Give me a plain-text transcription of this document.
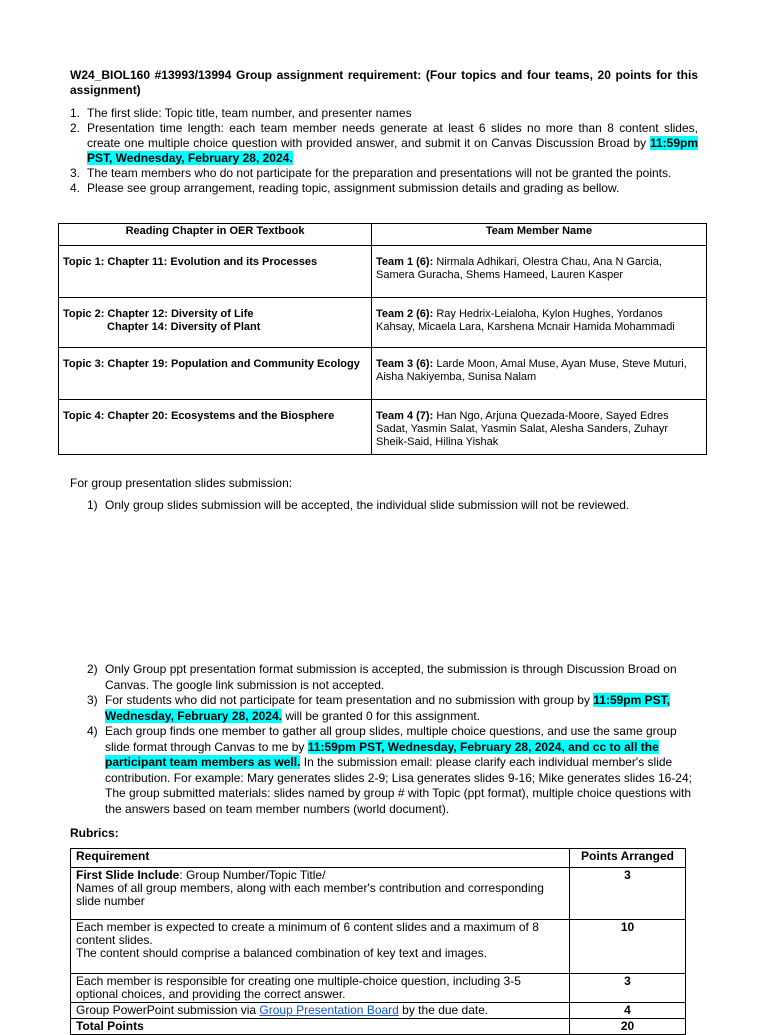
W24_BIOL160 #13993/13994 Group assignment requirement: (Four topics and four teams, 20 points for this assignment)
1. The first slide: Topic title, team number, and presenter names
2. Presentation time length: each team member needs generate at least 6 slides no more than 8 content slides, create one multiple choice question with provided answer, and submit it on Canvas Discussion Broad by 11:59pm PST, Wednesday, February 28, 2024.
3. The team members who do not participate for the preparation and presentations will not be granted the points.
4. Please see group arrangement, reading topic, assignment submission details and grading as bellow.
Reading Chapter in OER Textbook	Team Member Name
Topic 1: Chapter 11: Evolution and its Processes	Team 1 (6): Nirmala Adhikari, Olestra Chau, Ana N Garcia, Samera Guracha, Shems Hameed, Lauren Kasper
Topic 2: Chapter 12: Diversity of Life
Chapter 14: Diversity of Plant	Team 2 (6): Ray Hedrix-Leialoha, Kylon Hughes, Yordanos Kahsay, Micaela Lara, Karshena Mcnair Hamida Mohammadi
Topic 3: Chapter 19: Population and Community Ecology	Team 3 (6): Larde Moon, Amal Muse, Ayan Muse, Steve Muturi, Aisha Nakiyemba, Sunisa Nalam
Topic 4: Chapter 20: Ecosystems and the Biosphere	Team 4 (7): Han Ngo, Arjuna Quezada-Moore, Sayed Edres Sadat, Yasmin Salat, Yasmin Salat, Alesha Sanders, Zuhayr Sheik-Said, Hilina Yishak
For group presentation slides submission:
1) Only group slides submission will be accepted, the individual slide submission will not be reviewed.
2) Only Group ppt presentation format submission is accepted, the submission is through Discussion Broad on Canvas. The google link submission is not accepted.
3) For students who did not participate for team presentation and no submission with group by 11:59pm PST, Wednesday, February 28, 2024. will be granted 0 for this assignment.
4) Each group finds one member to gather all group slides, multiple choice questions, and use the same group slide format through Canvas to me by 11:59pm PST, Wednesday, February 28, 2024, and cc to all the participant team members as well. In the submission email: please clarify each individual member's slide contribution. For example: Mary generates slides 2-9; Lisa generates slides 9-16; Mike generates slides 16-24; The group submitted materials: slides named by group # with Topic (ppt format), multiple choice questions with the answers based on team member numbers (world document).
Rubrics:
Requirement	Points Arranged
First Slide Include: Group Number/Topic Title/
Names of all group members, along with each member's contribution and corresponding slide number	3
Each member is expected to create a minimum of 6 content slides and a maximum of 8 content slides.
The content should comprise a balanced combination of key text and images.	10
Each member is responsible for creating one multiple-choice question, including 3-5 optional choices, and providing the correct answer.	3
Group PowerPoint submission via Group Presentation Board by the due date.	4
Total Points	20
